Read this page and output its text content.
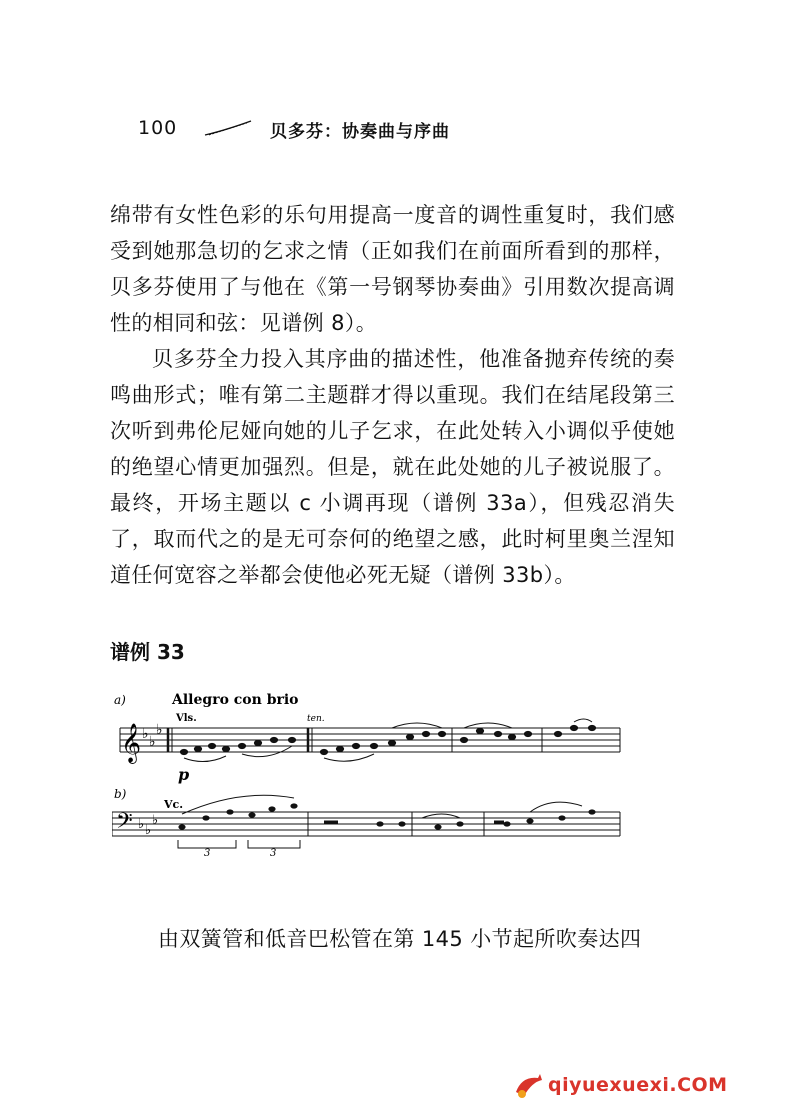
100	贝多芬：协奏曲与序曲

绵带有女性色彩的乐句用提高一度音的调性重复时，我们感受到她那急切的乞求之情（正如我们在前面所看到的那样，贝多芬使用了与他在《第一号钢琴协奏曲》引用数次提高调性的相同和弦：见谱例 8）。

贝多芬全力投入其序曲的描述性，他准备抛弃传统的奏鸣曲形式；唯有第二主题群才得以重现。我们在结尾段第三次听到弗伦尼娅向她的儿子乞求，在此处转入小调似乎使她的绝望心情更加强烈。但是，就在此处她的儿子被说服了。最终，开场主题以 c 小调再现（谱例 33a），但残忍消失了，取而代之的是无可奈何的绝望之感，此时柯里奥兰涅知道任何宽容之举都会使他必死无疑（谱例 33b）。

谱例 33
a)	Allegro con brio
Vls.	ten.
𝄞 ♭ ♭
♭
p
b)
Vc.
𝄢 ♭ ♭
♭
3	3
由双簧管和低音巴松管在第 145 小节起所吹奏达四
qiyuexuexi.COM
